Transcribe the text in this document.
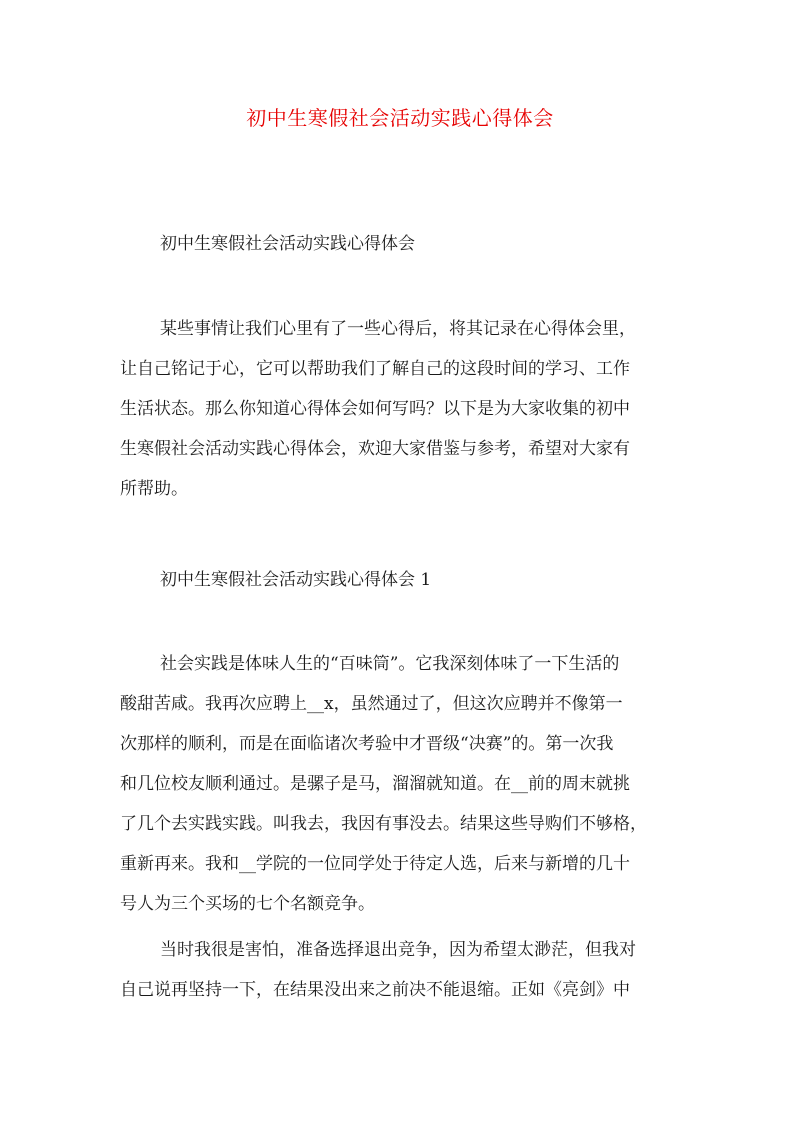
初中生寒假社会活动实践心得体会
初中生寒假社会活动实践心得体会
某些事情让我们心里有了一些心得后，将其记录在心得体会里，
让自己铭记于心，它可以帮助我们了解自己的这段时间的学习、工作
生活状态。那么你知道心得体会如何写吗？以下是为大家收集的初中
生寒假社会活动实践心得体会，欢迎大家借鉴与参考，希望对大家有
所帮助。
初中生寒假社会活动实践心得体会 1
社会实践是体味人生的“百味筒”。它我深刻体味了一下生活的
酸甜苦咸。我再次应聘上__x，虽然通过了，但这次应聘并不像第一
次那样的顺利，而是在面临诸次考验中才晋级“决赛”的。第一次我
和几位校友顺利通过。是骡子是马，溜溜就知道。在__前的周末就挑
了几个去实践实践。叫我去，我因有事没去。结果这些导购们不够格，
重新再来。我和__学院的一位同学处于待定人选，后来与新增的几十
号人为三个买场的七个名额竞争。
当时我很是害怕，准备选择退出竞争，因为希望太渺茫，但我对
自己说再坚持一下，在结果没出来之前决不能退缩。正如《亮剑》中
